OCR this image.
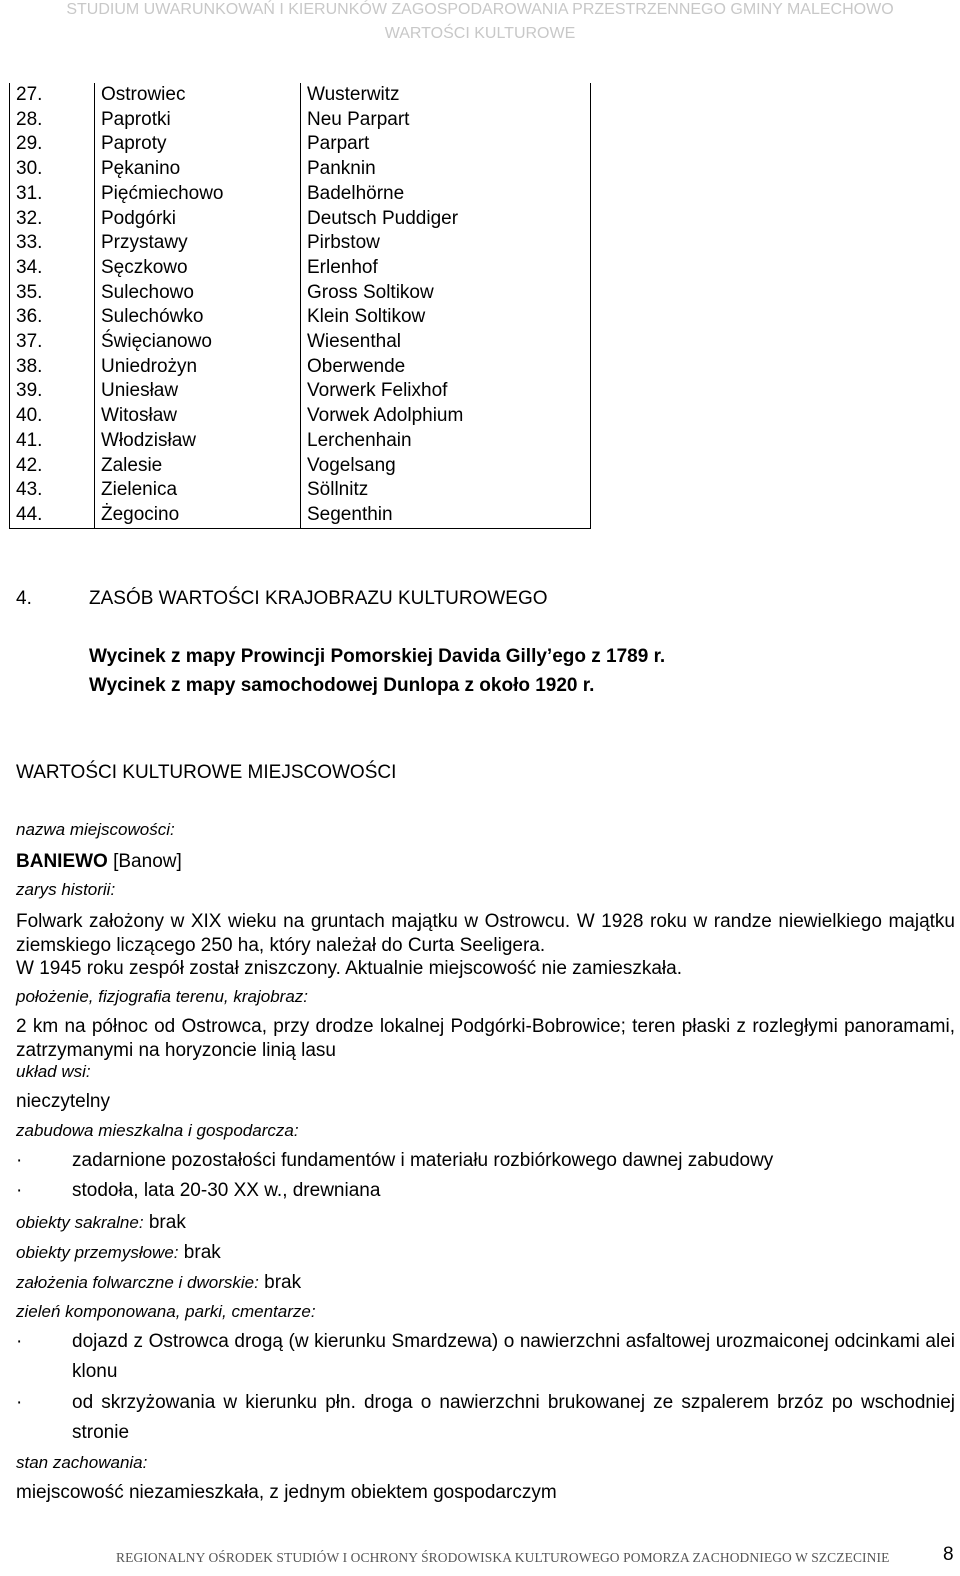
STUDIUM UWARUNKOWAŃ I KIERUNKÓW ZAGOSPODAROWANIA PRZESTRZENNEGO GMINY MALECHOWO
WARTOŚCI KULTUROWE
27.	Ostrowiec	Wusterwitz
28.	Paprotki	Neu Parpart
29.	Paproty	Parpart
30.	Pękanino	Panknin
31.	Pięćmiechowo	Badelhörne
32.	Podgórki	Deutsch Puddiger
33.	Przystawy	Pirbstow
34.	Sęczkowo	Erlenhof
35.	Sulechowo	Gross Soltikow
36.	Sulechówko	Klein Soltikow
37.	Święcianowo	Wiesenthal
38.	Uniedrożyn	Oberwende
39.	Uniesław	Vorwerk Felixhof
40.	Witosław	Vorwek Adolphium
41.	Włodzisław	Lerchenhain
42.	Zalesie	Vogelsang
43.	Zielenica	Söllnitz
44.	Żegocino	Segenthin
4.	ZASÓB WARTOŚCI KRAJOBRAZU KULTUROWEGO
Wycinek z mapy Prowincji Pomorskiej Davida Gilly’ego z 1789 r.
Wycinek z mapy samochodowej Dunlopa z około 1920 r.
WARTOŚCI KULTUROWE MIEJSCOWOŚCI
nazwa miejscowości:
BANIEWO [Banow]
zarys historii:
Folwark założony w XIX wieku na gruntach majątku w Ostrowcu. W 1928 roku w randze niewielkiego majątku ziemskiego liczącego 250 ha, który należał do Curta Seeligera.
W 1945 roku zespół został zniszczony. Aktualnie miejscowość nie zamieszkała.
położenie, fizjografia terenu, krajobraz:
2 km na północ od Ostrowca, przy drodze lokalnej Podgórki-Bobrowice; teren płaski z rozległymi panoramami, zatrzymanymi na horyzoncie linią lasu
układ wsi:
nieczytelny
zabudowa mieszkalna i gospodarcza:
·	zadarnione pozostałości fundamentów i materiału rozbiórkowego dawnej zabudowy
·	stodoła, lata 20-30 XX w., drewniana
obiekty sakralne: brak
obiekty przemysłowe: brak
założenia folwarczne i dworskie: brak
zieleń komponowana, parki, cmentarze:
·	dojazd z Ostrowca drogą (w kierunku Smardzewa) o nawierzchni asfaltowej urozmaiconej odcinkami alei klonu
·	od skrzyżowania w kierunku płn. droga o nawierzchni brukowanej ze szpalerem brzóz po wschodniej stronie
stan zachowania:
miejscowość niezamieszkała, z jednym obiektem gospodarczym
REGIONALNY OŚRODEK STUDIÓW I OCHRONY ŚRODOWISKA KULTUROWEGO POMORZA ZACHODNIEGO W SZCZECINIE	8
